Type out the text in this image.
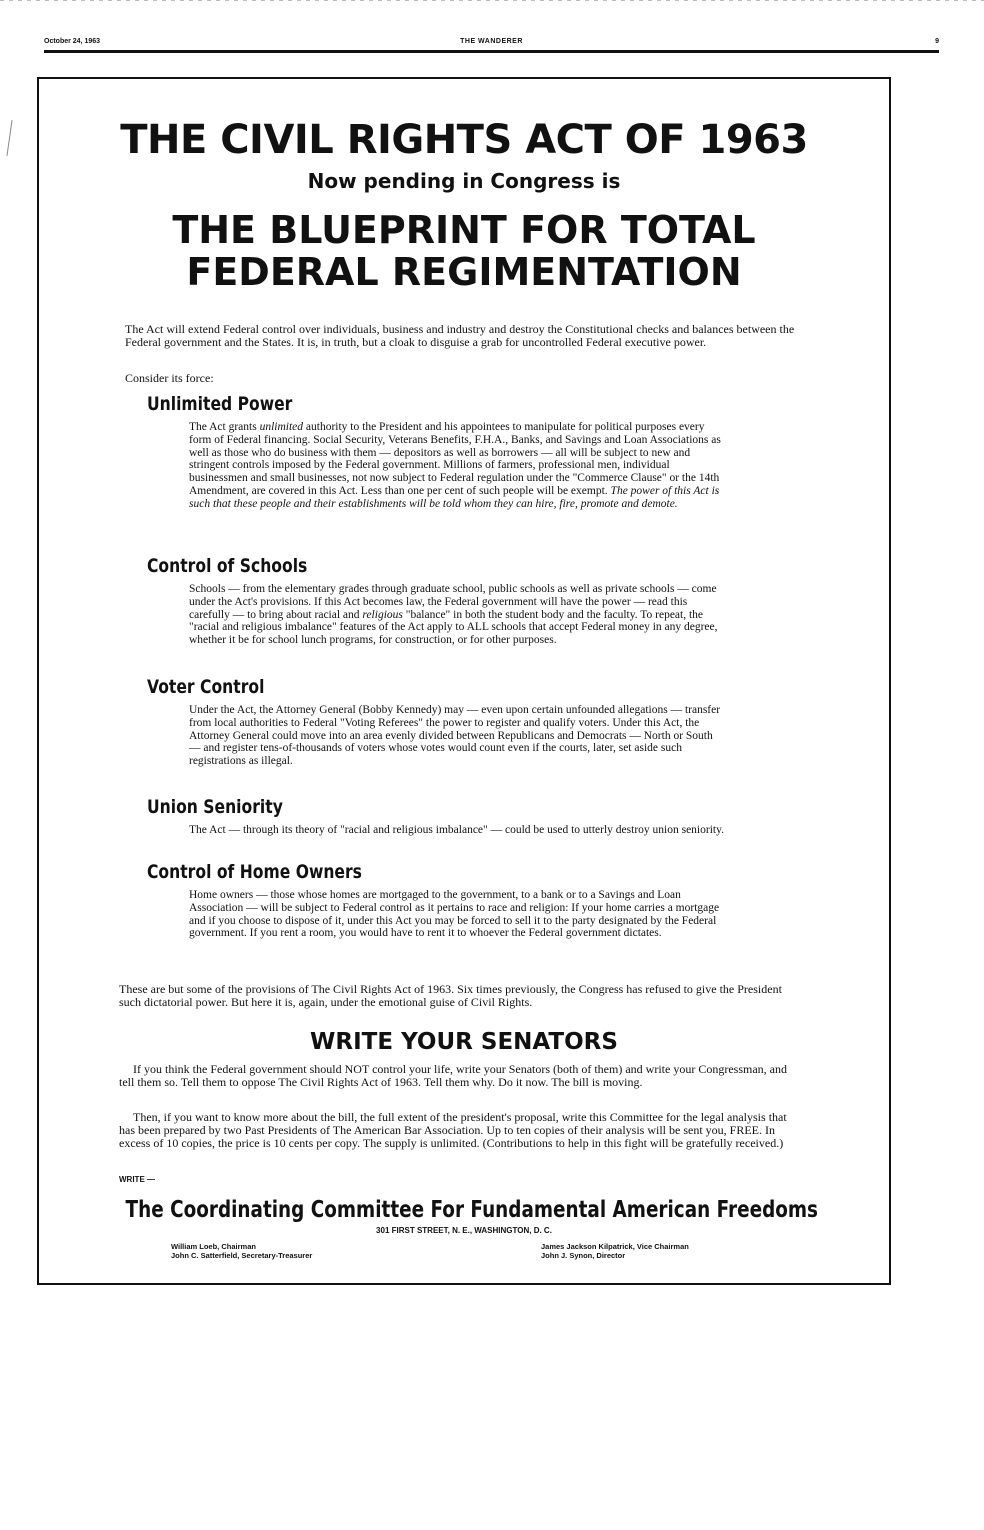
October 24, 1963	THE WANDERER	9
THE CIVIL RIGHTS ACT OF 1963
Now pending in Congress is
THE BLUEPRINT FOR TOTAL
FEDERAL REGIMENTATION

The Act will extend Federal control over individuals, business and industry and destroy the Constitutional checks and balances between the Federal government and the States. It is, in truth, but a cloak to disguise a grab for uncontrolled Federal executive power.

Consider its force:

Unlimited Power

The Act grants unlimited authority to the President and his appointees to manipulate for political purposes every form of Federal financing. Social Security, Veterans Benefits, F.H.A., Banks, and Savings and Loan Associations as well as those who do business with them — depositors as well as borrowers — all will be subject to new and stringent controls imposed by the Federal government. Millions of farmers, professional men, individual businessmen and small businesses, not now subject to Federal regulation under the "Commerce Clause" or the 14th Amendment, are covered in this Act. Less than one per cent of such people will be exempt. The power of this Act is such that these people and their establishments will be told whom they can hire, fire, promote and demote.

Control of Schools

Schools — from the elementary grades through graduate school, public schools as well as private schools — come under the Act's provisions. If this Act becomes law, the Federal government will have the power — read this carefully — to bring about racial and religious "balance" in both the student body and the faculty. To repeat, the "racial and religious imbalance" features of the Act apply to ALL schools that accept Federal money in any degree, whether it be for school lunch programs, for construction, or for other purposes.

Voter Control

Under the Act, the Attorney General (Bobby Kennedy) may — even upon certain unfounded allegations — transfer from local authorities to Federal "Voting Referees" the power to register and qualify voters. Under this Act, the Attorney General could move into an area evenly divided between Republicans and Democrats — North or South — and register tens-of-thousands of voters whose votes would count even if the courts, later, set aside such registrations as illegal.

Union Seniority

The Act — through its theory of "racial and religious imbalance" — could be used to utterly destroy union seniority.

Control of Home Owners

Home owners — those whose homes are mortgaged to the government, to a bank or to a Savings and Loan Association — will be subject to Federal control as it pertains to race and religion: If your home carries a mortgage and if you choose to dispose of it, under this Act you may be forced to sell it to the party designated by the Federal government. If you rent a room, you would have to rent it to whoever the Federal government dictates.

These are but some of the provisions of The Civil Rights Act of 1963. Six times previously, the Congress has refused to give the President such dictatorial power. But here it is, again, under the emotional guise of Civil Rights.

WRITE YOUR SENATORS

If you think the Federal government should NOT control your life, write your Senators (both of them) and write your Congressman, and tell them so. Tell them to oppose The Civil Rights Act of 1963. Tell them why. Do it now. The bill is moving.

Then, if you want to know more about the bill, the full extent of the president's proposal, write this Committee for the legal analysis that has been prepared by two Past Presidents of The American Bar Association. Up to ten copies of their analysis will be sent you, FREE. In excess of 10 copies, the price is 10 cents per copy. The supply is unlimited. (Contributions to help in this fight will be gratefully received.)

WRITE —
The Coordinating Committee For Fundamental American Freedoms
301 FIRST STREET, N. E., WASHINGTON, D. C.
William Loeb, Chairman
John C. Satterfield, Secretary-Treasurer
James Jackson Kilpatrick, Vice Chairman
John J. Synon, Director
